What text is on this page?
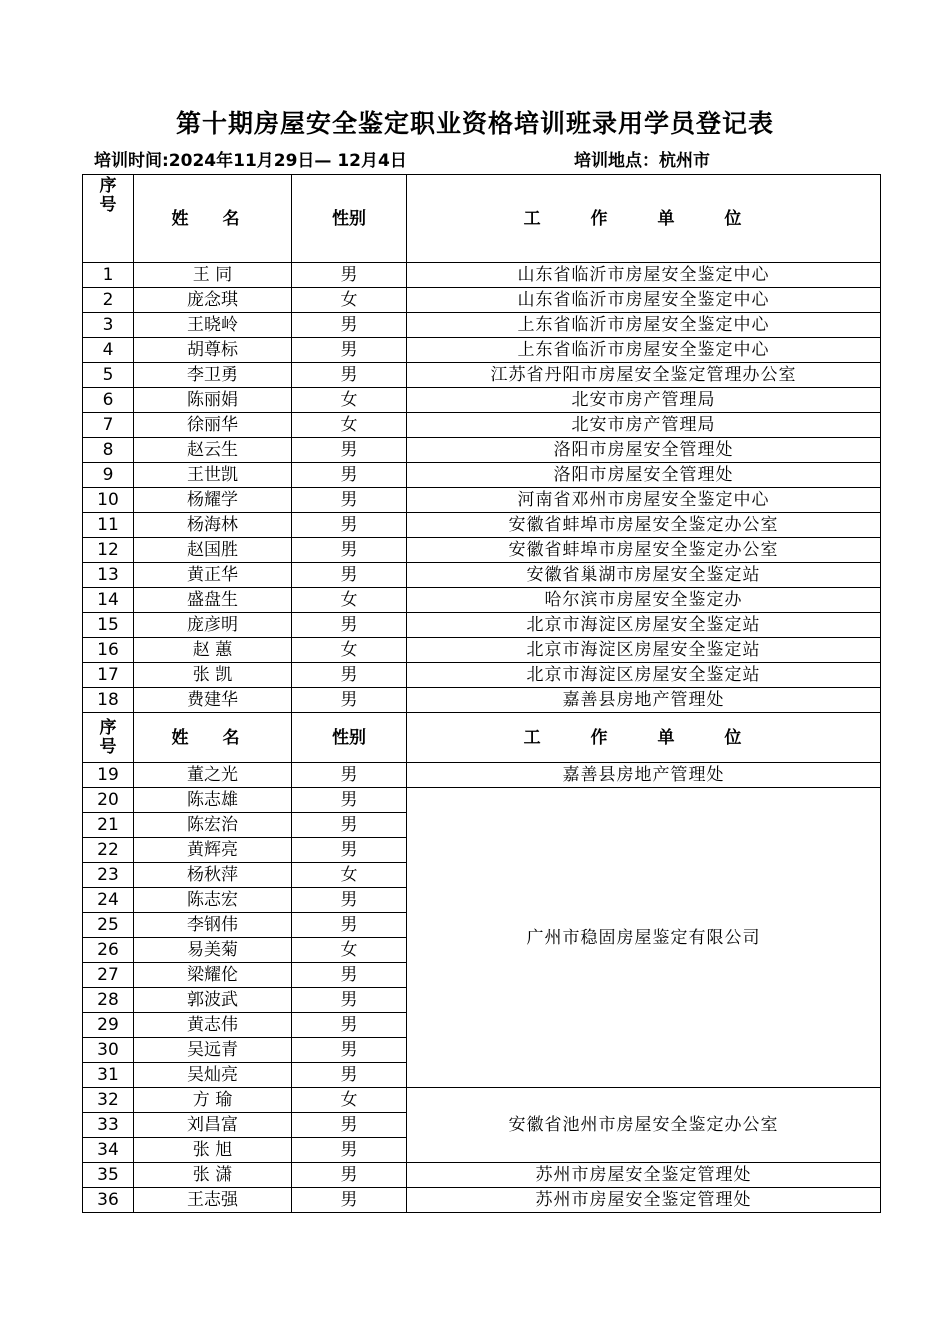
第十期房屋安全鉴定职业资格培训班录用学员登记表
培训时间:2024年11月29日— 12月4日	培训地点：杭州市
序号	姓 名	性别	工 作 单 位
1	王 同	男	山东省临沂市房屋安全鉴定中心
2	庞念琪	女	山东省临沂市房屋安全鉴定中心
3	王晓岭	男	上东省临沂市房屋安全鉴定中心
4	胡尊标	男	上东省临沂市房屋安全鉴定中心
5	李卫勇	男	江苏省丹阳市房屋安全鉴定管理办公室
6	陈丽娟	女	北安市房产管理局
7	徐丽华	女	北安市房产管理局
8	赵云生	男	洛阳市房屋安全管理处
9	王世凯	男	洛阳市房屋安全管理处
10	杨耀学	男	河南省邓州市房屋安全鉴定中心
11	杨海林	男	安徽省蚌埠市房屋安全鉴定办公室
12	赵国胜	男	安徽省蚌埠市房屋安全鉴定办公室
13	黄正华	男	安徽省巢湖市房屋安全鉴定站
14	盛盘生	女	哈尔滨市房屋安全鉴定办
15	庞彦明	男	北京市海淀区房屋安全鉴定站
16	赵 蕙	女	北京市海淀区房屋安全鉴定站
17	张 凯	男	北京市海淀区房屋安全鉴定站
18	费建华	男	嘉善县房地产管理处
序号	姓 名	性别	工 作 单 位
19	董之光	男	嘉善县房地产管理处
20	陈志雄	男	广州市稳固房屋鉴定有限公司
21	陈宏治	男	
22	黄辉亮	男	
23	杨秋萍	女	
24	陈志宏	男	
25	李钢伟	男	
26	易美菊	女	
27	梁耀伦	男	
28	郭波武	男	
29	黄志伟	男	
30	吴远青	男	
31	吴灿亮	男	
32	方 瑜	女	安徽省池州市房屋安全鉴定办公室
33	刘昌富	男	
34	张 旭	男	
35	张 潇	男	苏州市房屋安全鉴定管理处
36	王志强	男	苏州市房屋安全鉴定管理处
